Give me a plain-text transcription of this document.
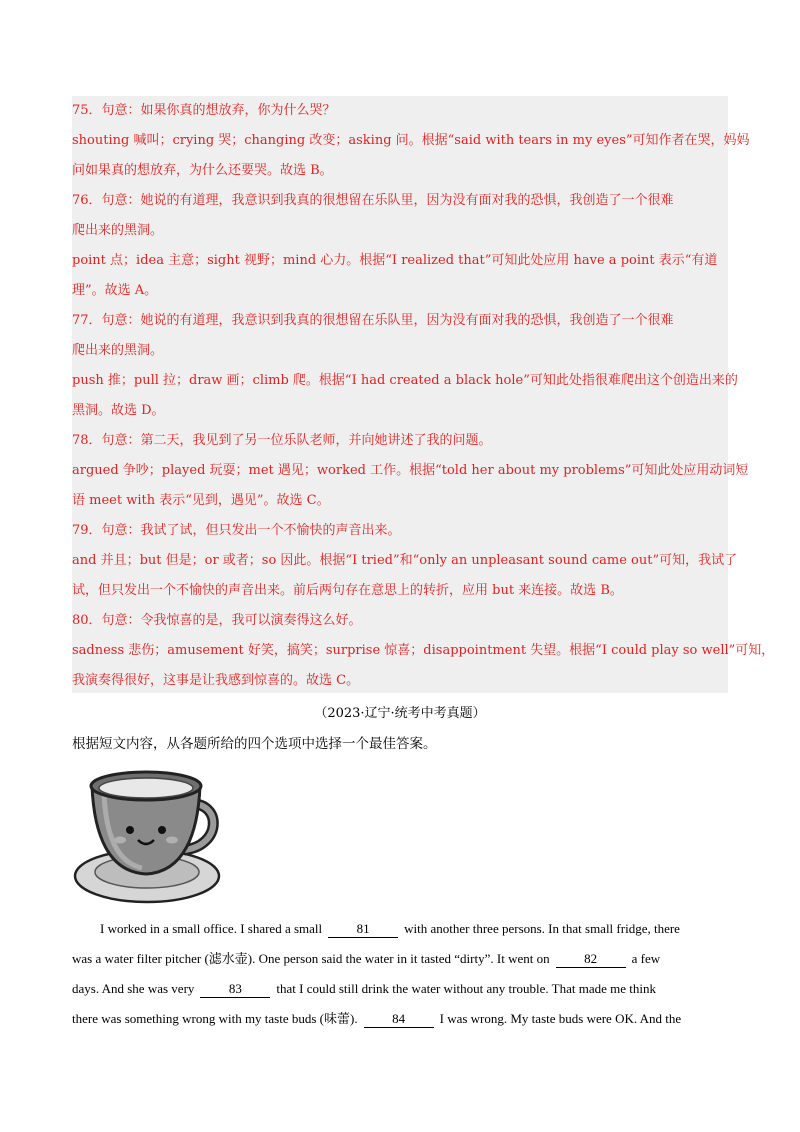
75．句意：如果你真的想放弃，你为什么哭？

shouting 喊叫；crying 哭；changing 改变；asking 问。根据“said with tears in my eyes”可知作者在哭，妈妈

问如果真的想放弃，为什么还要哭。故选 B。

76．句意：她说的有道理，我意识到我真的很想留在乐队里，因为没有面对我的恐惧，我创造了一个很难

爬出来的黑洞。

point 点；idea 主意；sight 视野；mind 心力。根据“I realized that”可知此处应用 have a point 表示“有道

理”。故选 A。

77．句意：她说的有道理，我意识到我真的很想留在乐队里，因为没有面对我的恐惧，我创造了一个很难

爬出来的黑洞。

push 推；pull 拉；draw 画；climb 爬。根据“I had created a black hole”可知此处指很难爬出这个创造出来的

黑洞。故选 D。

78．句意：第二天，我见到了另一位乐队老师，并向她讲述了我的问题。

argued 争吵；played 玩耍；met 遇见；worked 工作。根据“told her about my problems”可知此处应用动词短

语 meet with 表示“见到，遇见”。故选 C。

79．句意：我试了试，但只发出一个不愉快的声音出来。

and 并且；but 但是；or 或者；so 因此。根据“I tried”和“only an unpleasant sound came out”可知，我试了

试，但只发出一个不愉快的声音出来。前后两句存在意思上的转折，应用 but 来连接。故选 B。

80．句意：令我惊喜的是，我可以演奏得这么好。

sadness 悲伤；amusement 好笑，搞笑；surprise 惊喜；disappointment 失望。根据“I could play so well”可知，

我演奏得很好，这事是让我感到惊喜的。故选 C。

（2023·辽宁·统考中考真题）
根据短文内容，从各题所给的四个选项中选择一个最佳答案。

I worked in a small office. I shared a small	81	with another three persons. In that small fridge, there

was a water filter pitcher (滤水壶). One person said the water in it tasted “dirty”. It went on	82	a few

days. And she was very	83	that I could still drink the water without any trouble. That made me think

there was something wrong with my taste buds (味蕾).	84	I was wrong. My taste buds were OK. And the
